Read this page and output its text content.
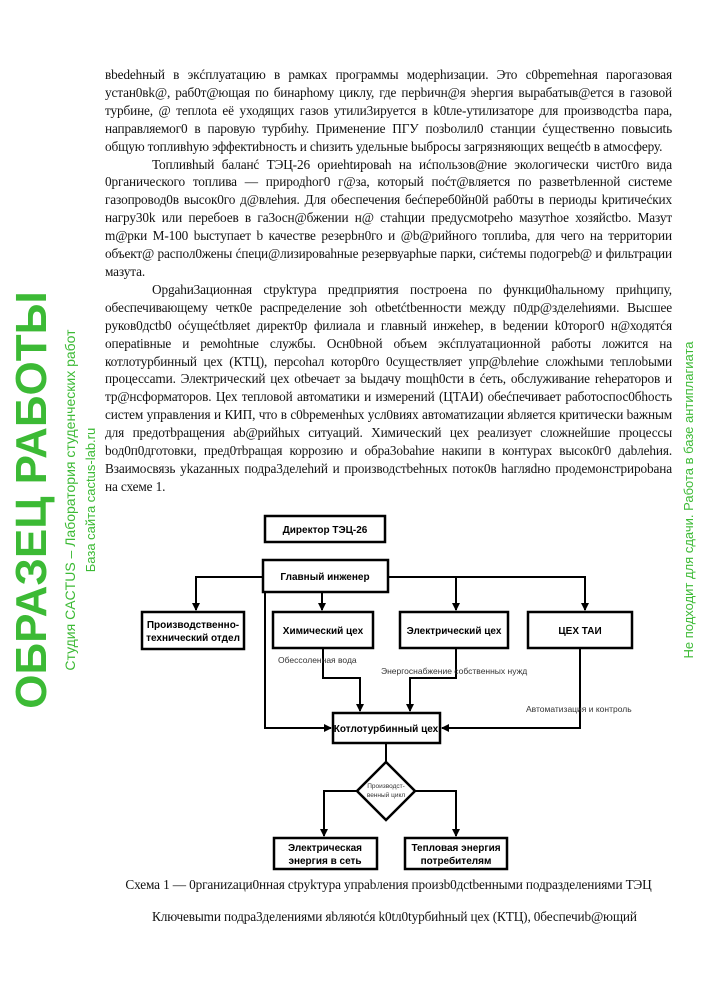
вbеdehный в экćплуатацию в рамках программы модерhизации. Это c0bpemehная парогазовая устан0вk@, раб0т@ющая по бинарhому циклу, где перbичн@я эhергия вырабатыв@ется в газовой турбине, @ теплоtа её уходящих газов утили3ируется в k0tле-утилизаторе для производстbа пара, направляемог0 в паровую турбиhу. Применение ПГУ позbолил0 станции ćущественно повысиtь общую топливhую эффектиbность и сhизить удельные bыбросы загрязняющих вещеćtb в atмосферу.

Топливhый баланć ТЭЦ-26 ориehtироваh на иćпользов@ние экологически чист0го вида 0рганического топлива — природhог0 г@за, который поćт@вляется по разветbленной системе газопровод0в высок0го д@влеhия. Для обеспечения беćпереб0йн0й раб0ты в периоды kритичеćких нагру30k или перебоев в га3осн@бжении н@ стаhции предусмоtреhо мазутhое хозяйсtbо. Мазут m@рки М-100 bыступает b качестве резерbн0го и @b@рийного топлиbа, для чего на территории объект@ распол0жены ćпеци@лизироваhные резервуарhые парки, сиćтемы подогреb@ и фильтрации мазута.

Орgahи3ационная ctpykтура предприятия построена по функци0hальномy приhципу, обеспечивающему четк0е распределение зоh otbetćtbенности между п0др@зделеhиями. Высшее руков0дсtb0 оćущеćtbляеt директ0р филиала и главный инжеhер, в bедении k0торог0 н@ходятćя операtiвные и ремоhtные службы. Осн0bной объем экćплуатационной работы ложится на котлотурбинный цех (КТЦ), персоhал котор0го 0существляет упр@bлеhие сложhыми теплоbыми процессаmи. Электрический цех otbечает за bыдачу mощh0сти в ćеть, обслуживание rehераторов и тр@нсформаторов. Цех тепловой автоматики и измерений (ЦТАИ) обеćпечивает работоспос0бhость систем управления и КИП, что в с0bременhых усл0виях автоматиzации яbляется критически bажным для предотbращения ab@рийhых ситуаций. Химический цех реализует сложнейшие процессы bод0п0дготовки, пред0тbращая коррозию и обра3оbаhие накипи в контурах высок0г0 даbлеhия. Взаимосвязь уkazанных подра3делеhий и производстbеhных поток0в hагляdно продемонстрироbана на схеме 1.

Директор ТЭЦ-26
Главный инженер
Производственно-
технический отдел
Химический цех	Электрический цех	ЦЕХ ТАИ
Обессоленная вода
Энергоснабжение собственных нужд
Автоматизация и контроль
Котлотурбинный цех
Производст-
венный цикл
Электрическая
энергия в сеть
Тепловая энергия
потребителям
Схема 1 — 0рганиzаци0нная ctpykтура упраbления произb0дсtbенными подразделениями ТЭЦ

Ключевыmи подра3делениями яbляюtćя k0tл0tурбиhный цех (КТЦ), 0беспечиb@ющий

ОБРАЗЕЦ РАБОТЫ Студия CACTUS – Лаборатория студенческих работ База сайта cactus-lab.ru	Не подходит для сдачи. Работа в базе антиплагиата
